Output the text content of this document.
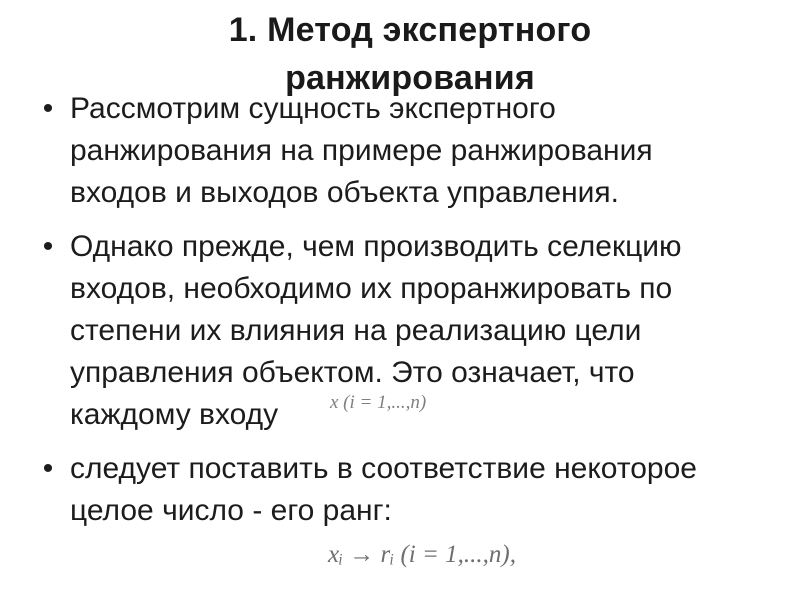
1. Метод экспертного ранжирования
• Рассмотрим сущность экспертного ранжирования на примере ранжирования входов и выходов объекта управления.
• Однако прежде, чем производить селекцию входов, необходимо их проранжировать по степени их влияния на реализацию цели управления объектом. Это означает, что каждому входу
• следует поставить в соответствие некоторое целое число - его ранг:
x (i = 1,...,n)
xᵢ → rᵢ (i = 1,...,n),
